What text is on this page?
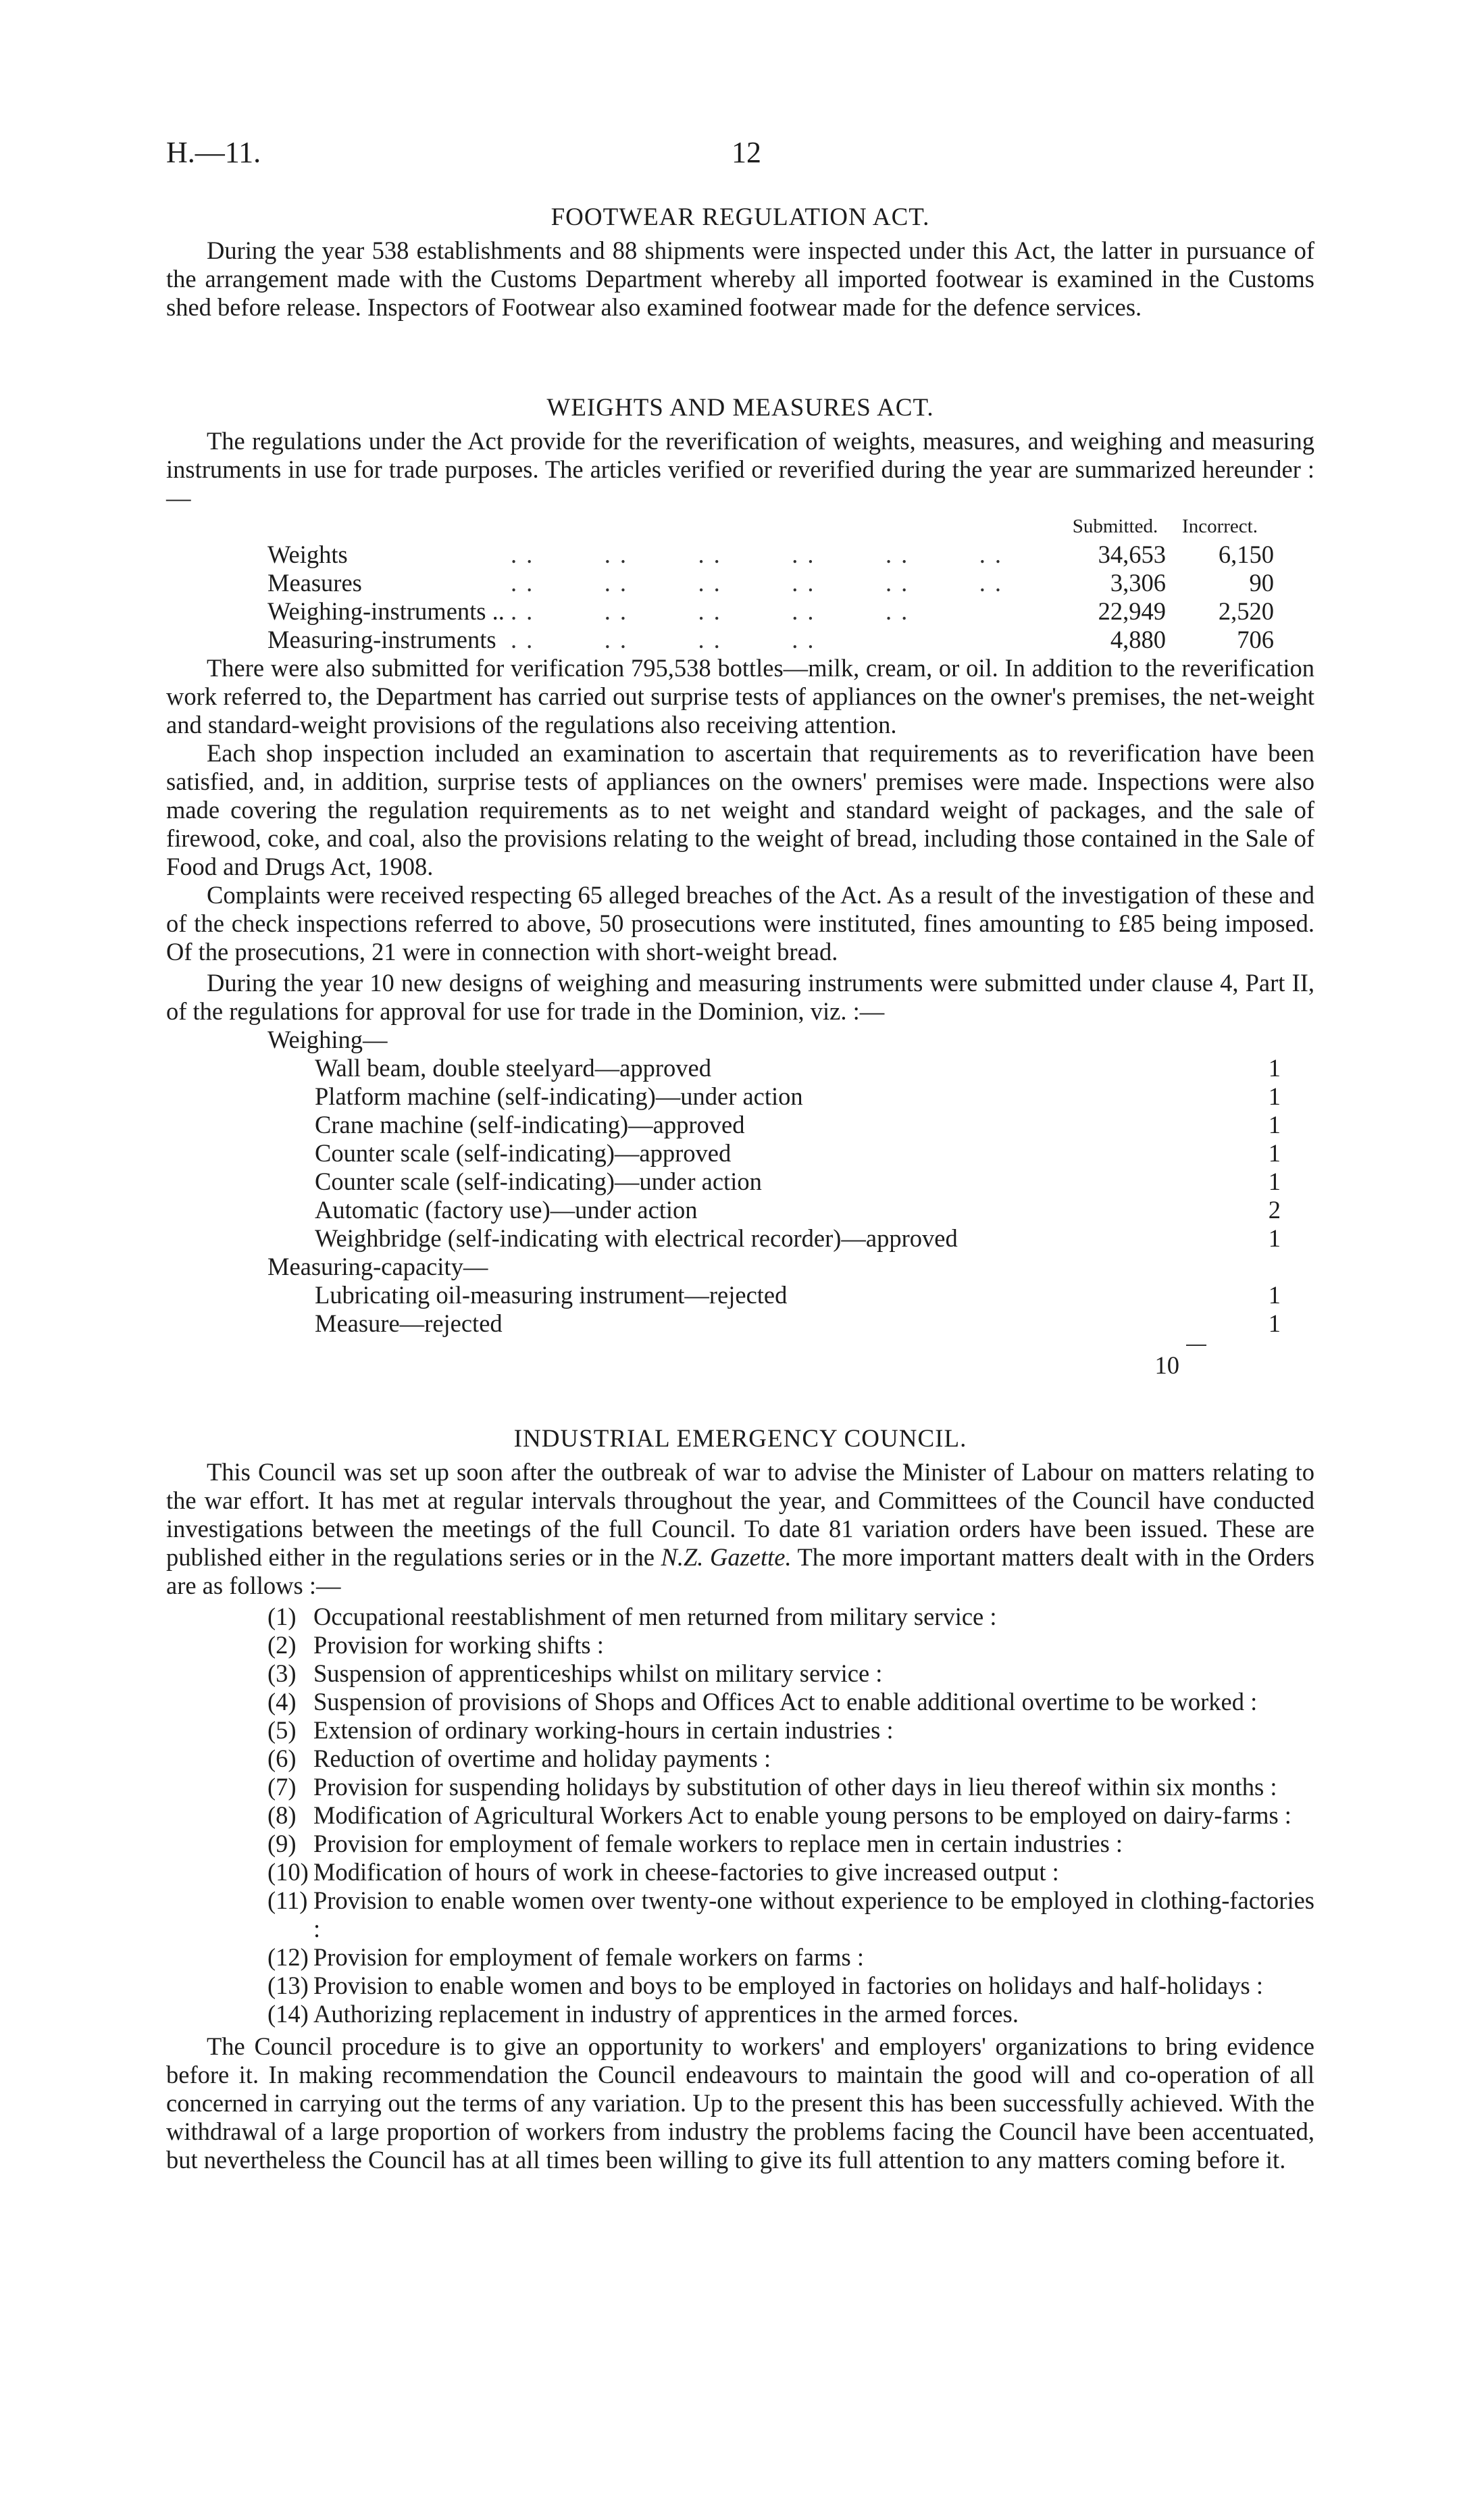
H.—11.	12
FOOTWEAR REGULATION ACT.

During the year 538 establishments and 88 shipments were inspected under this Act, the latter in pursuance of the arrangement made with the Customs Department whereby all imported footwear is examined in the Customs shed before release. Inspectors of Footwear also examined footwear made for the defence services.

WEIGHTS AND MEASURES ACT.

The regulations under the Act provide for the reverification of weights, measures, and weighing and measuring instruments in use for trade purposes. The articles verified or reverified during the year are summarized hereunder :—

		Submitted.	Incorrect.
Weights	..    ..    ..    ..    ..    ..	34,653	6,150
Measures	..    ..    ..    ..    ..    ..	3,306	90
Weighing-instruments ..	..    ..    ..    ..    ..	22,949	2,520
Measuring-instruments	..    ..    ..    ..	4,880	706

There were also submitted for verification 795,538 bottles—milk, cream, or oil. In addition to the reverification work referred to, the Department has carried out surprise tests of appliances on the owner's premises, the net-weight and standard-weight provisions of the regulations also receiving attention.

Each shop inspection included an examination to ascertain that requirements as to reverification have been satisfied, and, in addition, surprise tests of appliances on the owners' premises were made. Inspections were also made covering the regulation requirements as to net weight and standard weight of packages, and the sale of firewood, coke, and coal, also the provisions relating to the weight of bread, including those contained in the Sale of Food and Drugs Act, 1908.

Complaints were received respecting 65 alleged breaches of the Act. As a result of the investigation of these and of the check inspections referred to above, 50 prosecutions were instituted, fines amounting to £85 being imposed. Of the prosecutions, 21 were in connection with short-weight bread.

During the year 10 new designs of weighing and measuring instruments were submitted under clause 4, Part II, of the regulations for approval for use for trade in the Dominion, viz. :—

Weighing—
Wall beam, double steelyard—approved	1
Platform machine (self-indicating)—under action	1
Crane machine (self-indicating)—approved	1
Counter scale (self-indicating)—approved	1
Counter scale (self-indicating)—under action	1
Automatic (factory use)—under action	2
Weighbridge (self-indicating with electrical recorder)—approved	1
Measuring-capacity—
Lubricating oil-measuring instrument—rejected	1
Measure—rejected	1
10
INDUSTRIAL EMERGENCY COUNCIL.

This Council was set up soon after the outbreak of war to advise the Minister of Labour on matters relating to the war effort. It has met at regular intervals throughout the year, and Committees of the Council have conducted investigations between the meetings of the full Council. To date 81 variation orders have been issued. These are published either in the regulations series or in the N.Z. Gazette. The more important matters dealt with in the Orders are as follows :—

(1) Occupational reestablishment of men returned from military service :
(2) Provision for working shifts :
(3) Suspension of apprenticeships whilst on military service :
(4) Suspension of provisions of Shops and Offices Act to enable additional overtime to be worked :
(5) Extension of ordinary working-hours in certain industries :
(6) Reduction of overtime and holiday payments :
(7) Provision for suspending holidays by substitution of other days in lieu thereof within six months :
(8) Modification of Agricultural Workers Act to enable young persons to be employed on dairy-farms :
(9) Provision for employment of female workers to replace men in certain industries :
(10) Modification of hours of work in cheese-factories to give increased output :
(11) Provision to enable women over twenty-one without experience to be employed in clothing-factories :
(12) Provision for employment of female workers on farms :
(13) Provision to enable women and boys to be employed in factories on holidays and half-holidays :
(14) Authorizing replacement in industry of apprentices in the armed forces.

The Council procedure is to give an opportunity to workers' and employers' organizations to bring evidence before it. In making recommendation the Council endeavours to maintain the good will and co-operation of all concerned in carrying out the terms of any variation. Up to the present this has been successfully achieved. With the withdrawal of a large proportion of workers from industry the problems facing the Council have been accentuated, but nevertheless the Council has at all times been willing to give its full attention to any matters coming before it.
